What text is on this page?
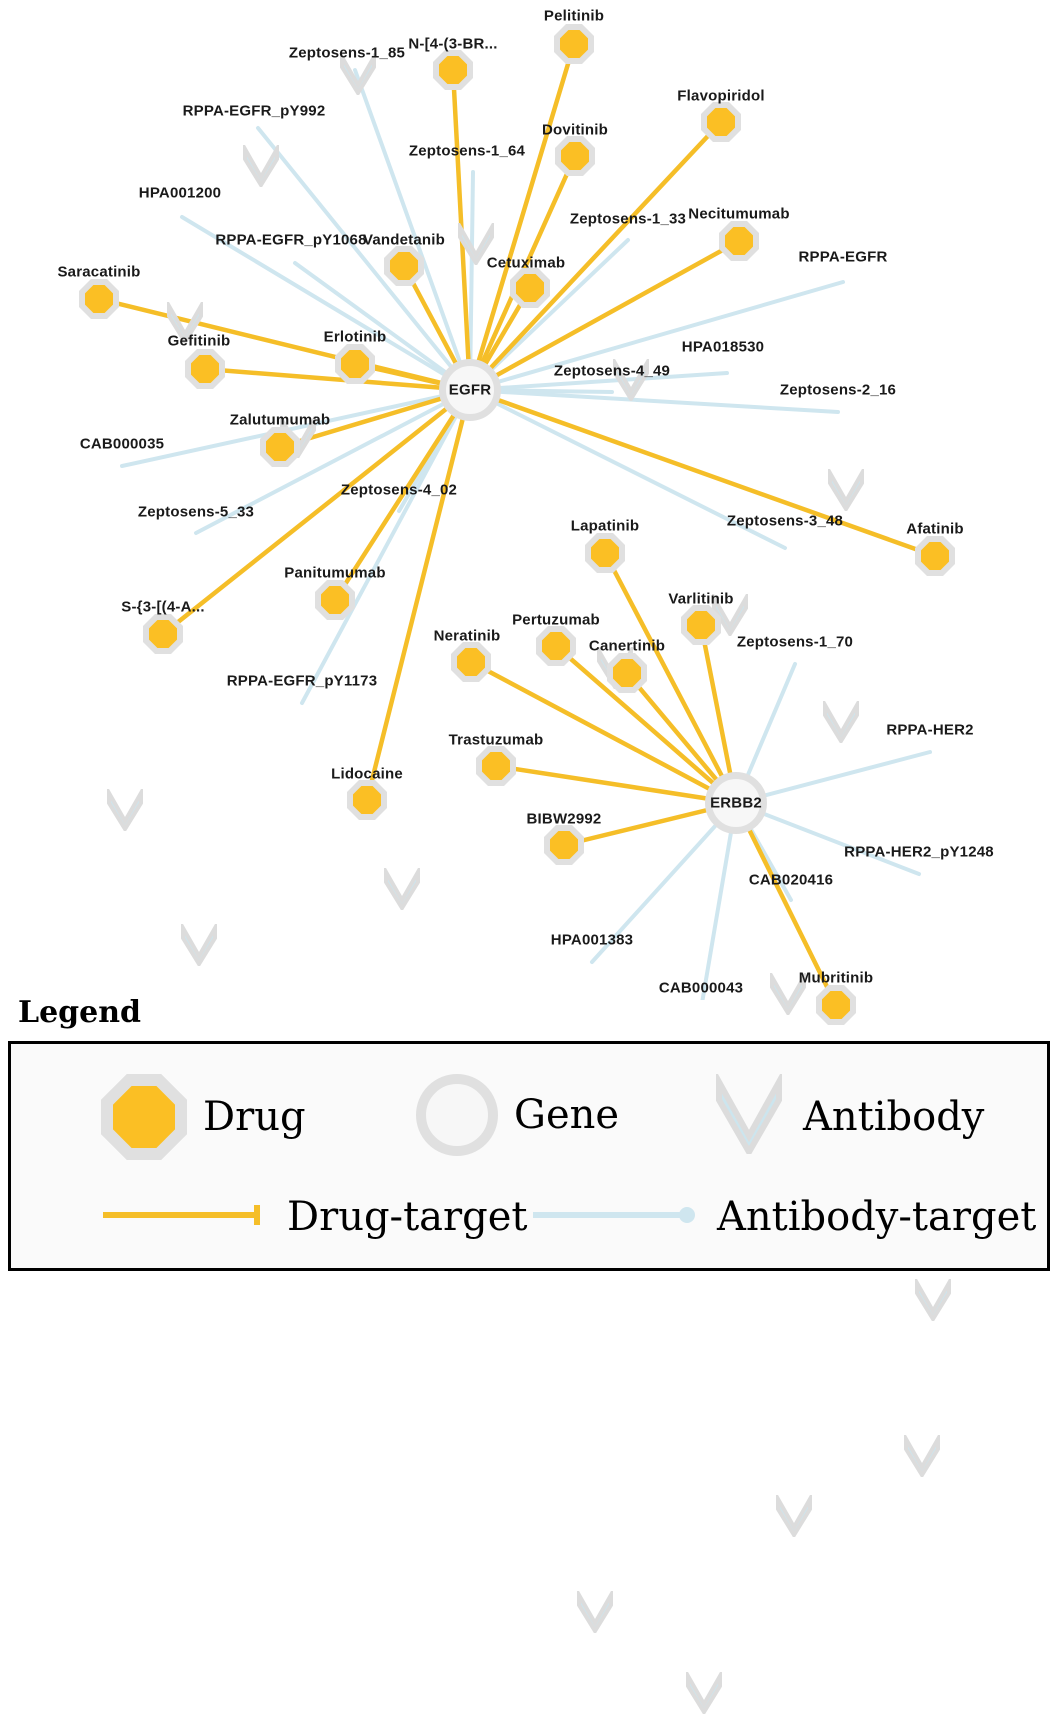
Zeptosens-1_85
RPPA-EGFR_pY992
Zeptosens-1_64
HPA001200
Zeptosens-1_33
RPPA-EGFR_pY1068
RPPA-EGFR
HPA018530
Zeptosens-4_49
Zeptosens-2_16
CAB000035
Zeptosens-4_02
Zeptosens-5_33
Zeptosens-3_48
Zeptosens-1_70
RPPA-EGFR_pY1173
RPPA-HER2
RPPA-HER2_pY1248
CAB020416
HPA001383
CAB000043
Pelitinib
N-[4-(3-BR...
Flavopiridol
Dovitinib
Necitumumab
Vandetanib
Cetuximab
Saracatinib
Gefitinib	Erlotinib
Zalutumumab
Afatinib
Lapatinib
Panitumumab
S-{3-[(4-A...	Varlitinib
Pertuzumab
Neratinib
Canertinib
Trastuzumab
Lidocaine
BIBW2992
Mubritinib
EGFR
ERBB2
Legend
Drug	Gene	Antibody
Drug-target	Antibody-target
